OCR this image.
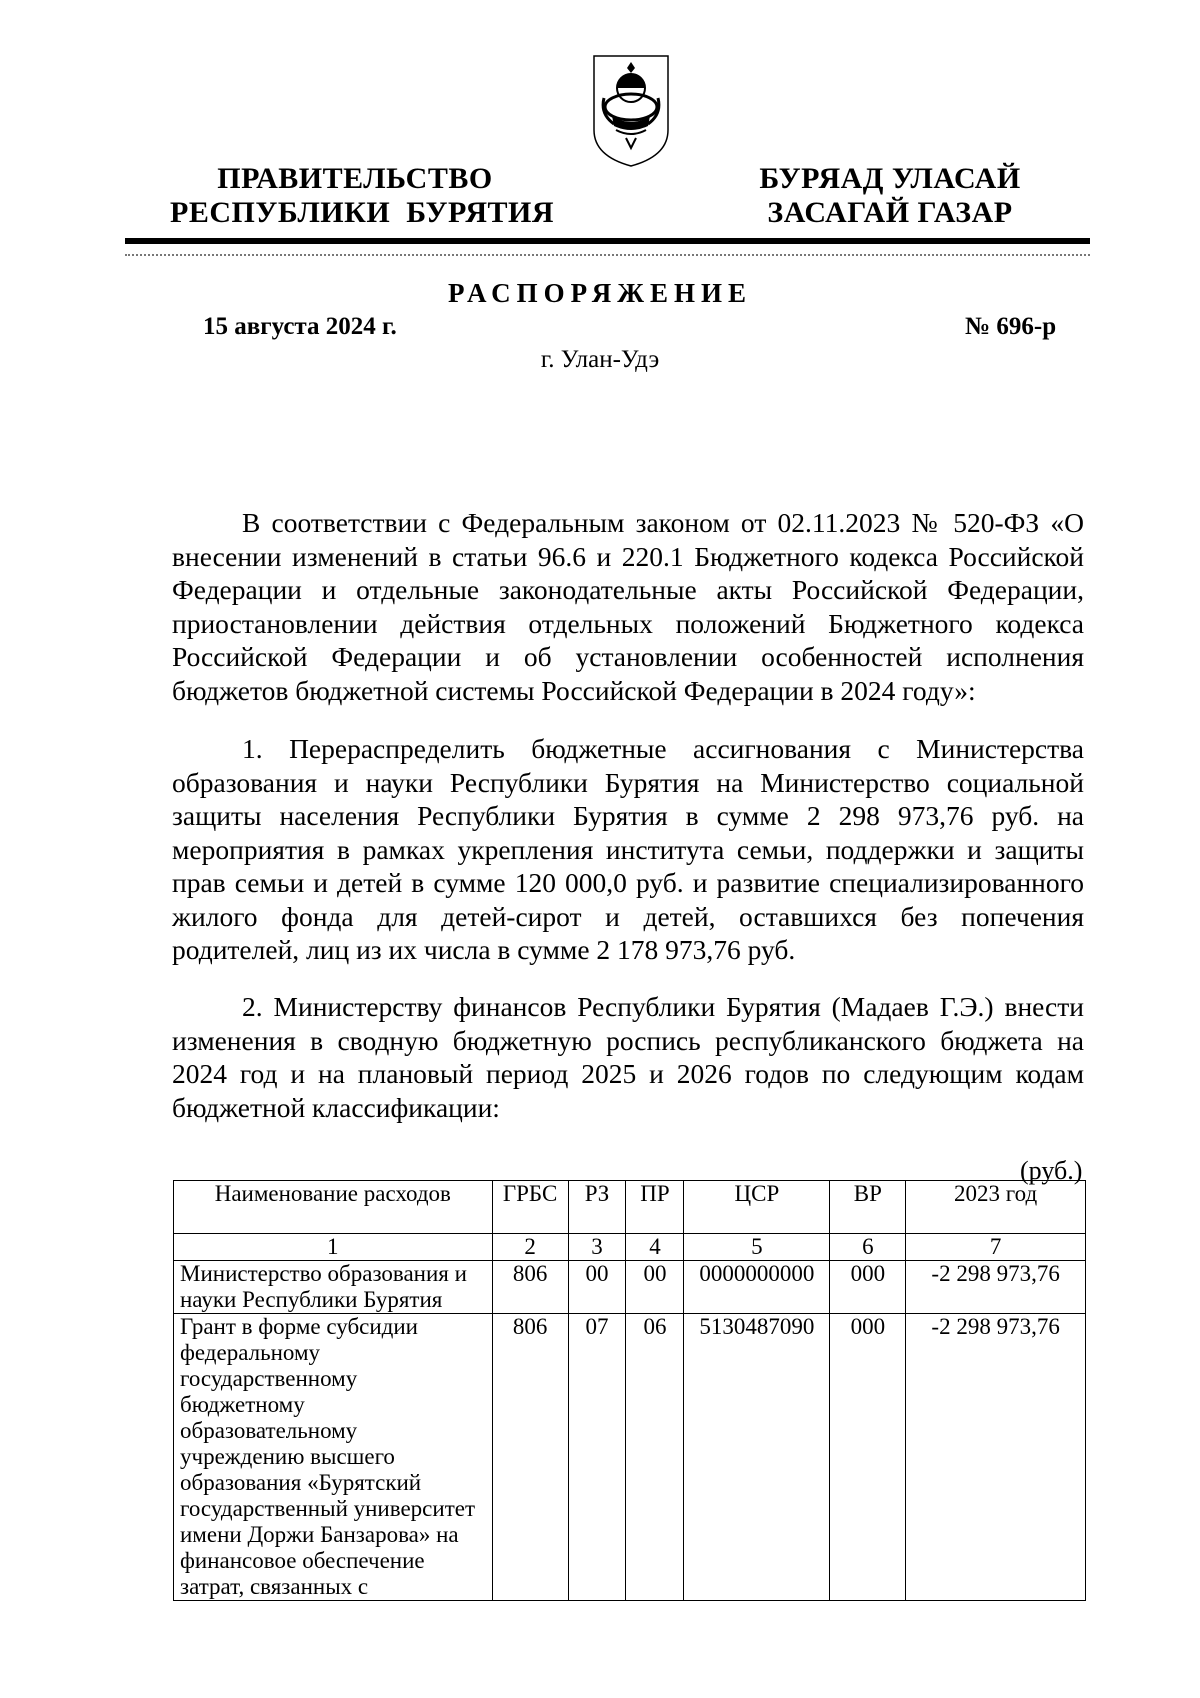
ПРАВИТЕЛЬСТВО
РЕСПУБЛИКИ  БУРЯТИЯ
БУРЯАД УЛАСАЙ
ЗАСАГАЙ ГАЗАР
РАСПОРЯЖЕНИЕ
15 августа 2024 г.	№ 696-р
г. Улан-Удэ
В соответствии с Федеральным законом от 02.11.2023 № 520-ФЗ «О внесении изменений в статьи 96.6 и 220.1 Бюджетного кодекса Российской Федерации и отдельные законодательные акты Российской Федерации, приостановлении действия отдельных положений Бюджетного кодекса Российской Федерации и об установлении особенностей исполнения бюджетов бюджетной системы Российской Федерации в 2024 году»:
1. Перераспределить бюджетные ассигнования с Министерства образования и науки Республики Бурятия на Министерство социальной защиты населения Республики Бурятия в сумме 2 298 973,76 руб. на мероприятия в рамках укрепления института семьи, поддержки и защиты прав семьи и детей в сумме 120 000,0 руб. и развитие специализированного жилого фонда для детей-сирот и детей, оставшихся без попечения родителей, лиц из их числа в сумме 2 178 973,76 руб.
2. Министерству финансов Республики Бурятия (Мадаев Г.Э.) внести изменения в сводную бюджетную роспись республиканского бюджета на 2024 год и на плановый период 2025 и 2026 годов по следующим кодам бюджетной классификации:
(руб.)
Наименование расходов	ГРБС	РЗ	ПР	ЦСР	ВР	2023 год
1	2	3	4	5	6	7
Министерство образования и науки Республики Бурятия	806	00	00	0000000000	000	-2 298 973,76
Грант в форме субсидии федеральному государственному бюджетному образовательному учреждению высшего образования «Бурятский государственный университет имени Доржи Банзарова» на финансовое обеспечение затрат, связанных с	806	07	06	5130487090	000	-2 298 973,76
